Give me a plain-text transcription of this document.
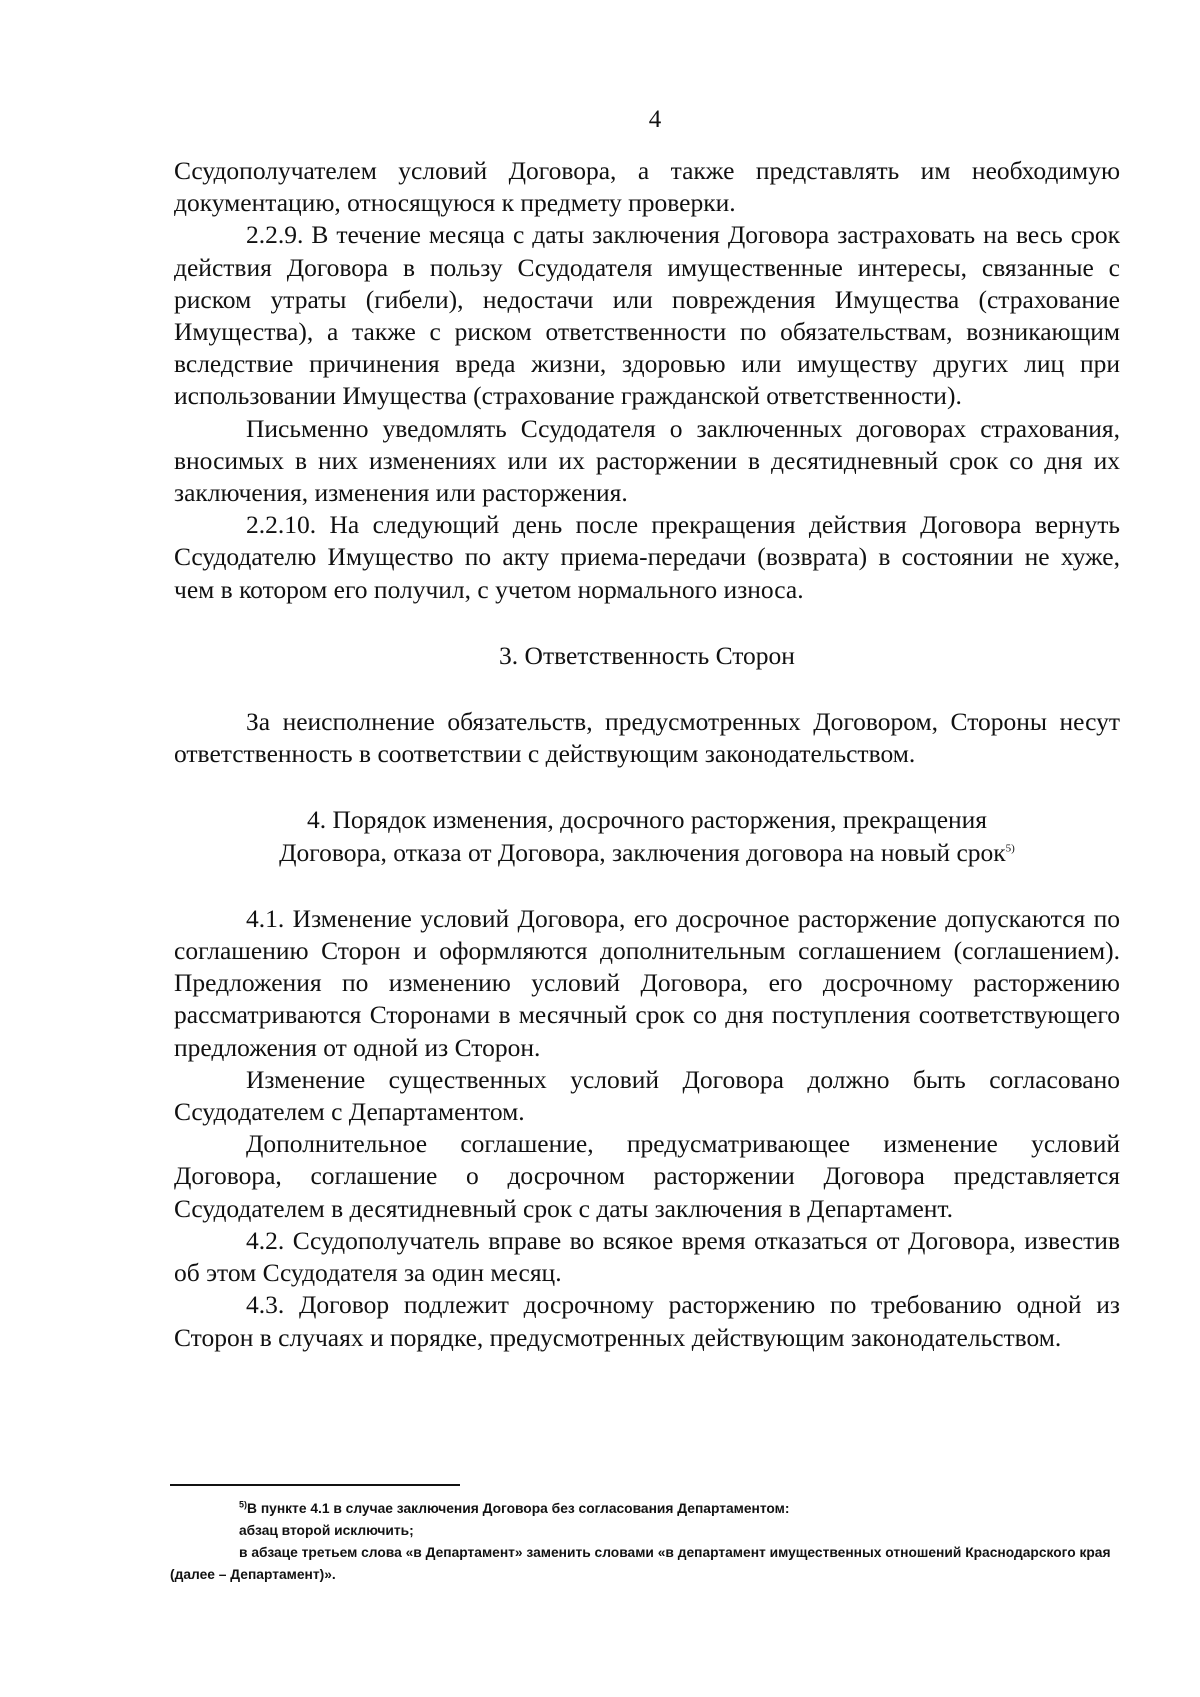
4

Ссудополучателем условий Договора, а также представлять им необходимую документацию, относящуюся к предмету проверки.

2.2.9. В течение месяца с даты заключения Договора застраховать на весь срок действия Договора в пользу Ссудодателя имущественные интересы, связанные с риском утраты (гибели), недостачи или повреждения Имущества (страхование Имущества), а также с риском ответственности по обязательствам, возникающим вследствие причинения вреда жизни, здоровью или имуществу других лиц при использовании Имущества (страхование гражданской ответственности).

Письменно уведомлять Ссудодателя о заключенных договорах страхования, вносимых в них изменениях или их расторжении в десятидневный срок со дня их заключения, изменения или расторжения.

2.2.10. На следующий день после прекращения действия Договора вернуть Ссудодателю Имущество по акту приема-передачи (возврата) в состоянии не хуже, чем в котором его получил, с учетом нормального износа.

3. Ответственность Сторон

За неисполнение обязательств, предусмотренных Договором, Стороны несут ответственность в соответствии с действующим законодательством.

4. Порядок изменения, досрочного расторжения, прекращения
Договора, отказа от Договора, заключения договора на новый срок$^{5)}$

4.1. Изменение условий Договора, его досрочное расторжение допускаются по соглашению Сторон и оформляются дополнительным соглашением (соглашением). Предложения по изменению условий Договора, его досрочному расторжению рассматриваются Сторонами в месячный срок со дня поступления соответствующего предложения от одной из Сторон.

Изменение существенных условий Договора должно быть согласовано Ссудодателем с Департаментом.

Дополнительное соглашение, предусматривающее изменение условий Договора, соглашение о досрочном расторжении Договора представляется Ссудодателем в десятидневный срок с даты заключения в Департамент.

4.2. Ссудополучатель вправе во всякое время отказаться от Договора, известив об этом Ссудодателя за один месяц.

4.3. Договор подлежит досрочному расторжению по требованию одной из Сторон в случаях и порядке, предусмотренных действующим законодательством.

$^{5)}$В пункте 4.1 в случае заключения Договора без согласования Департаментом:

абзац второй исключить;

в абзаце третьем слова «в Департамент» заменить словами «в департамент имущественных отношений Краснодарского края (далее – Департамент)».
